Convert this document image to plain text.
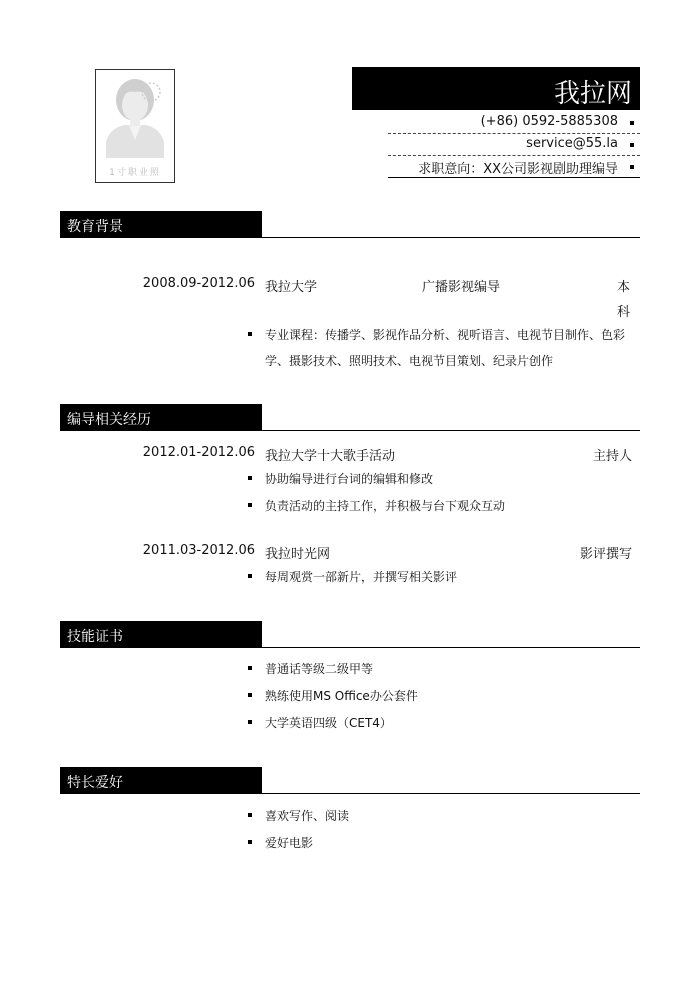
1寸职业照
我拉网
(+86) 0592-5885308
service@55.la
求职意向：XX公司影视剧助理编导
教育背景
2008.09-2012.06 我拉大学	广播影视编导	本
科
专业课程：传播学、影视作品分析、视听语言、电视节目制作、色彩
学、摄影技术、照明技术、电视节目策划、纪录片创作
编导相关经历
2012.01-2012.06 我拉大学十大歌手活动	主持人
协助编导进行台词的编辑和修改
负责活动的主持工作，并积极与台下观众互动
2011.03-2012.06 我拉时光网	影评撰写
每周观赏一部新片，并撰写相关影评
技能证书
普通话等级二级甲等
熟练使用MS Office办公套件
大学英语四级（CET4）
特长爱好
喜欢写作、阅读
爱好电影
